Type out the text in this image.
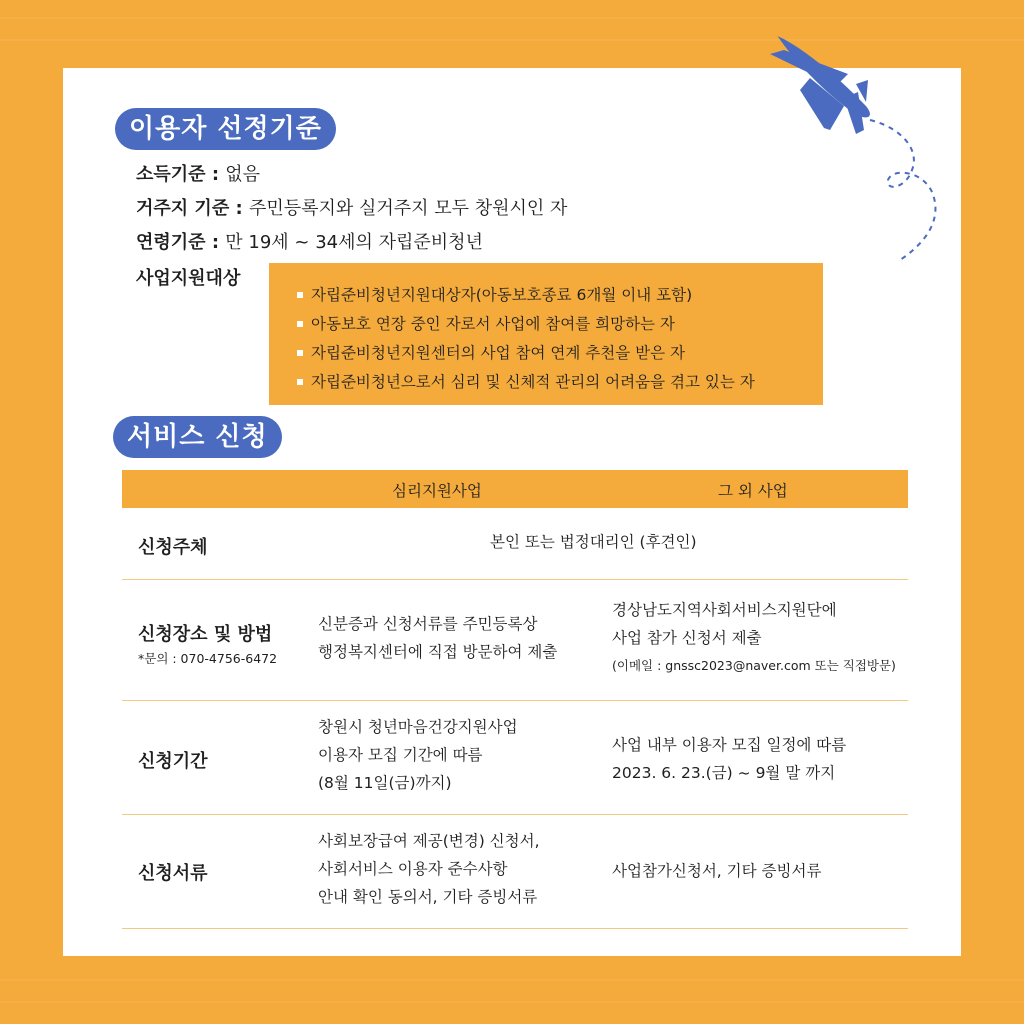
이용자 선정기준
소득기준 : 없음
거주지 기준 : 주민등록지와 실거주지 모두 창원시인 자
연령기준 : 만 19세 ~ 34세의 자립준비청년
사업지원대상
자립준비청년지원대상자(아동보호종료 6개월 이내 포함)
아동보호 연장 중인 자로서 사업에 참여를 희망하는 자
자립준비청년지원센터의 사업 참여 연계 추천을 받은 자
자립준비청년으로서 심리 및 신체적 관리의 어려움을 겪고 있는 자
서비스 신청
심리지원사업	그 외 사업
신청주체	본인 또는 법정대리인 (후견인)
신청장소 및 방법
*문의 : 070-4756-6472
신분증과 신청서류를 주민등록상
행정복지센터에 직접 방문하여 제출
경상남도지역사회서비스지원단에
사업 참가 신청서 제출
(이메일 : gnssc2023@naver.com 또는 직접방문)
신청기간
창원시 청년마음건강지원사업
이용자 모집 기간에 따름
(8월 11일(금)까지)
사업 내부 이용자 모집 일정에 따름
2023. 6. 23.(금) ~ 9월 말 까지
신청서류
사회보장급여 제공(변경) 신청서,
사회서비스 이용자 준수사항
안내 확인 동의서, 기타 증빙서류
사업참가신청서, 기타 증빙서류
